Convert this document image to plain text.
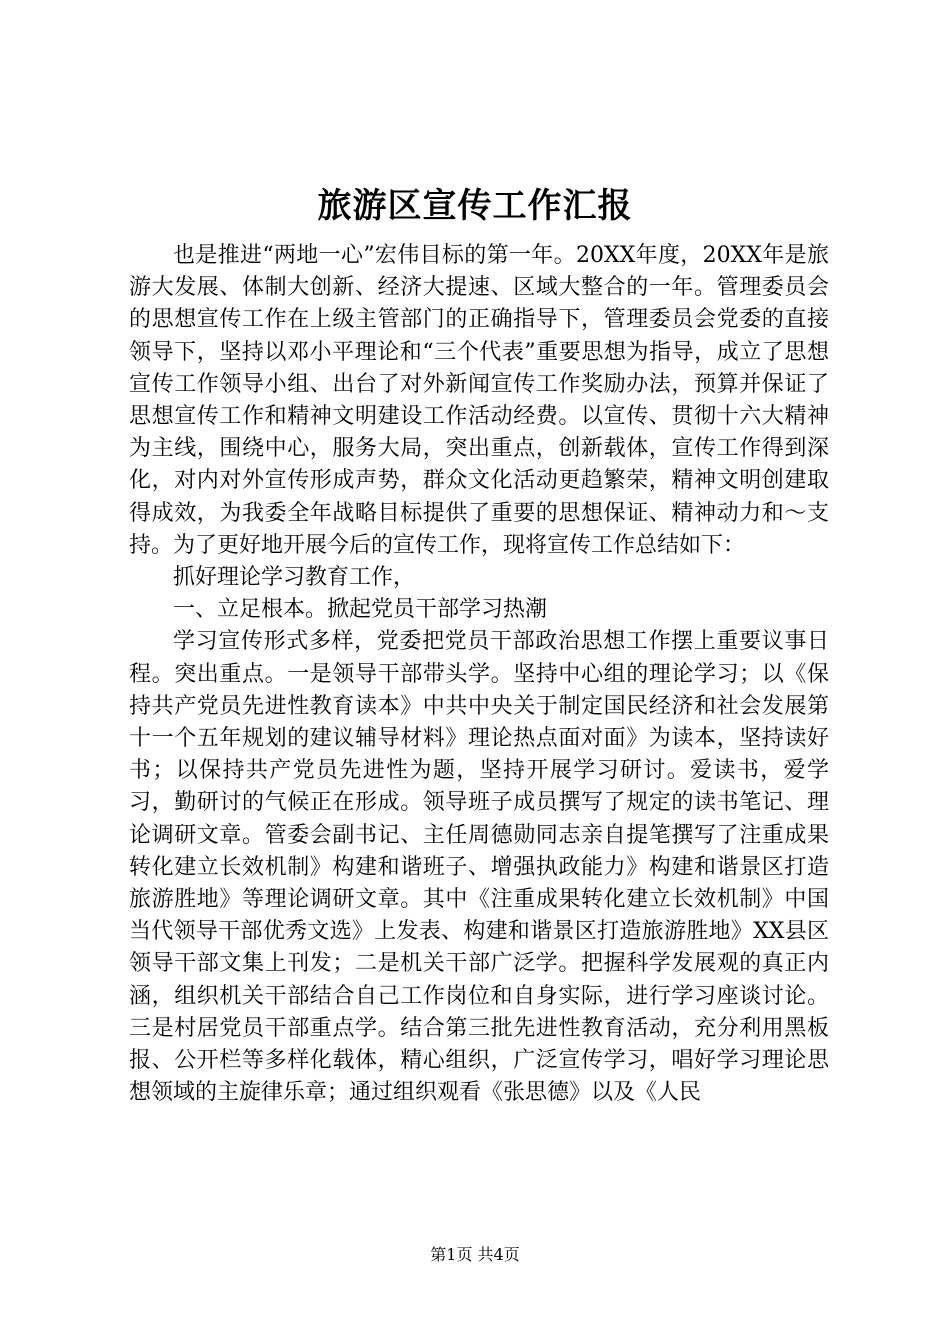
旅游区宣传工作汇报

也是推进“两地一心”宏伟目标的第一年。20XX年度，20XX年是旅游大发展、体制大创新、经济大提速、区域大整合的一年。管理委员会的思想宣传工作在上级主管部门的正确指导下，管理委员会党委的直接领导下，坚持以邓小平理论和“三个代表”重要思想为指导，成立了思想宣传工作领导小组、出台了对外新闻宣传工作奖励办法，预算并保证了思想宣传工作和精神文明建设工作活动经费。以宣传、贯彻十六大精神为主线，围绕中心，服务大局，突出重点，创新载体，宣传工作得到深化，对内对外宣传形成声势，群众文化活动更趋繁荣，精神文明创建取得成效，为我委全年战略目标提供了重要的思想保证、精神动力和～支持。为了更好地开展今后的宣传工作，现将宣传工作总结如下：

抓好理论学习教育工作，

一、立足根本。掀起党员干部学习热潮

学习宣传形式多样，党委把党员干部政治思想工作摆上重要议事日程。突出重点。一是领导干部带头学。坚持中心组的理论学习；以《保持共产党员先进性教育读本》中共中央关于制定国民经济和社会发展第十一个五年规划的建议辅导材料》理论热点面对面》为读本，坚持读好书；以保持共产党员先进性为题，坚持开展学习研讨。爱读书，爱学习，勤研讨的气候正在形成。领导班子成员撰写了规定的读书笔记、理论调研文章。管委会副书记、主任周德勋同志亲自提笔撰写了注重成果转化建立长效机制》构建和谐班子、增强执政能力》构建和谐景区打造旅游胜地》等理论调研文章。其中《注重成果转化建立长效机制》中国当代领导干部优秀文选》上发表、构建和谐景区打造旅游胜地》XX县区领导干部文集上刊发；二是机关干部广泛学。把握科学发展观的真正内涵，组织机关干部结合自己工作岗位和自身实际，进行学习座谈讨论。三是村居党员干部重点学。结合第三批先进性教育活动，充分利用黑板报、公开栏等多样化载体，精心组织，广泛宣传学习，唱好学习理论思想领域的主旋律乐章；通过组织观看《张思德》以及《人民

第1页 共4页
